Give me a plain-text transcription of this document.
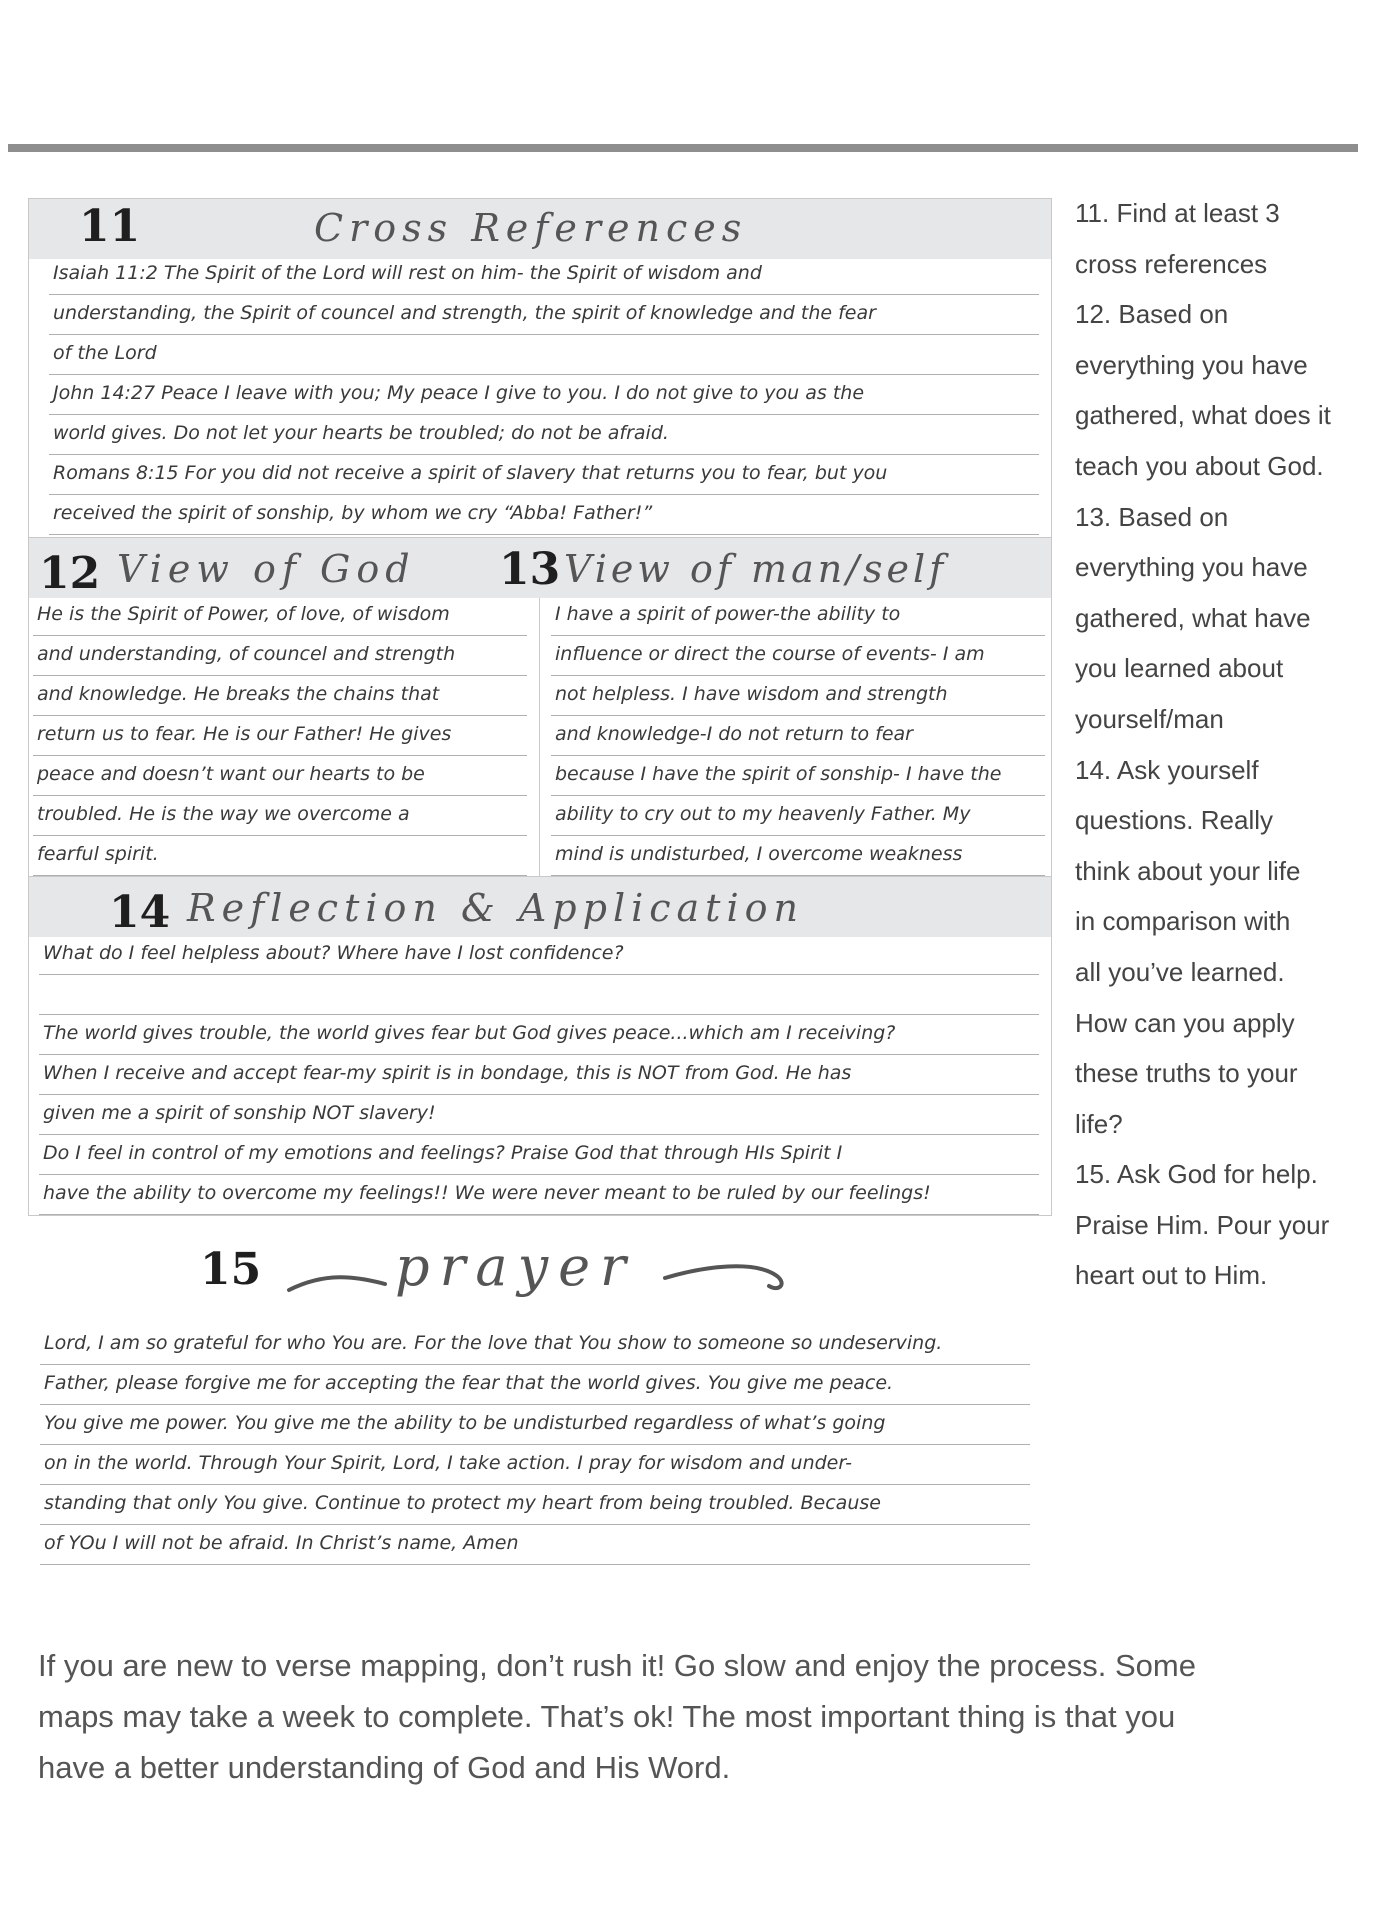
11	Cross References
Isaiah 11:2 The Spirit of the Lord will rest on him- the Spirit of wisdom and
understanding, the Spirit of councel and strength, the spirit of knowledge and the fear
of the Lord
John 14:27 Peace I leave with you; My peace I give to you. I do not give to you as the
world gives. Do not let your hearts be troubled; do not be afraid.
Romans 8:15 For you did not receive a spirit of slavery that returns you to fear, but you
received the spirit of sonship, by whom we cry “Abba! Father!”
12 View of God 13 View of man/self
He is the Spirit of Power, of love, of wisdom
and understanding, of councel and strength
and knowledge. He breaks the chains that
return us to fear. He is our Father! He gives
peace and doesn’t want our hearts to be
troubled. He is the way we overcome a
fearful spirit.
I have a spirit of power-the ability to
influence or direct the course of events- I am
not helpless. I have wisdom and strength
and knowledge-I do not return to fear
because I have the spirit of sonship- I have the
ability to cry out to my heavenly Father. My
mind is undisturbed, I overcome weakness
14 Reflection & Application
What do I feel helpless about? Where have I lost confidence?
The world gives trouble, the world gives fear but God gives peace...which am I receiving?
When I receive and accept fear-my spirit is in bondage, this is NOT from God. He has
given me a spirit of sonship NOT slavery!
Do I feel in control of my emotions and feelings? Praise God that through HIs Spirit I
have the ability to overcome my feelings!! We were never meant to be ruled by our feelings!
15 prayer
Lord, I am so grateful for who You are. For the love that You show to someone so undeserving.
Father, please forgive me for accepting the fear that the world gives. You give me peace.
You give me power. You give me the ability to be undisturbed regardless of what’s going
on in the world. Through Your Spirit, Lord, I take action. I pray for wisdom and under-
standing that only You give. Continue to protect my heart from being troubled. Because
of YOu I will not be afraid. In Christ’s name, Amen
11. Find at least 3
cross references
12. Based on
everything you have
gathered, what does it
teach you about God.
13. Based on
everything you have
gathered, what have
you learned about
yourself/man
14. Ask yourself
questions. Really
think about your life
in comparison with
all you’ve learned.
How can you apply
these truths to your
life?
15. Ask God for help.
Praise Him. Pour your
heart out to Him.
If you are new to verse mapping, don’t rush it! Go slow and enjoy the process. Some
maps may take a week to complete. That’s ok! The most important thing is that you
have a better understanding of God and His Word.
